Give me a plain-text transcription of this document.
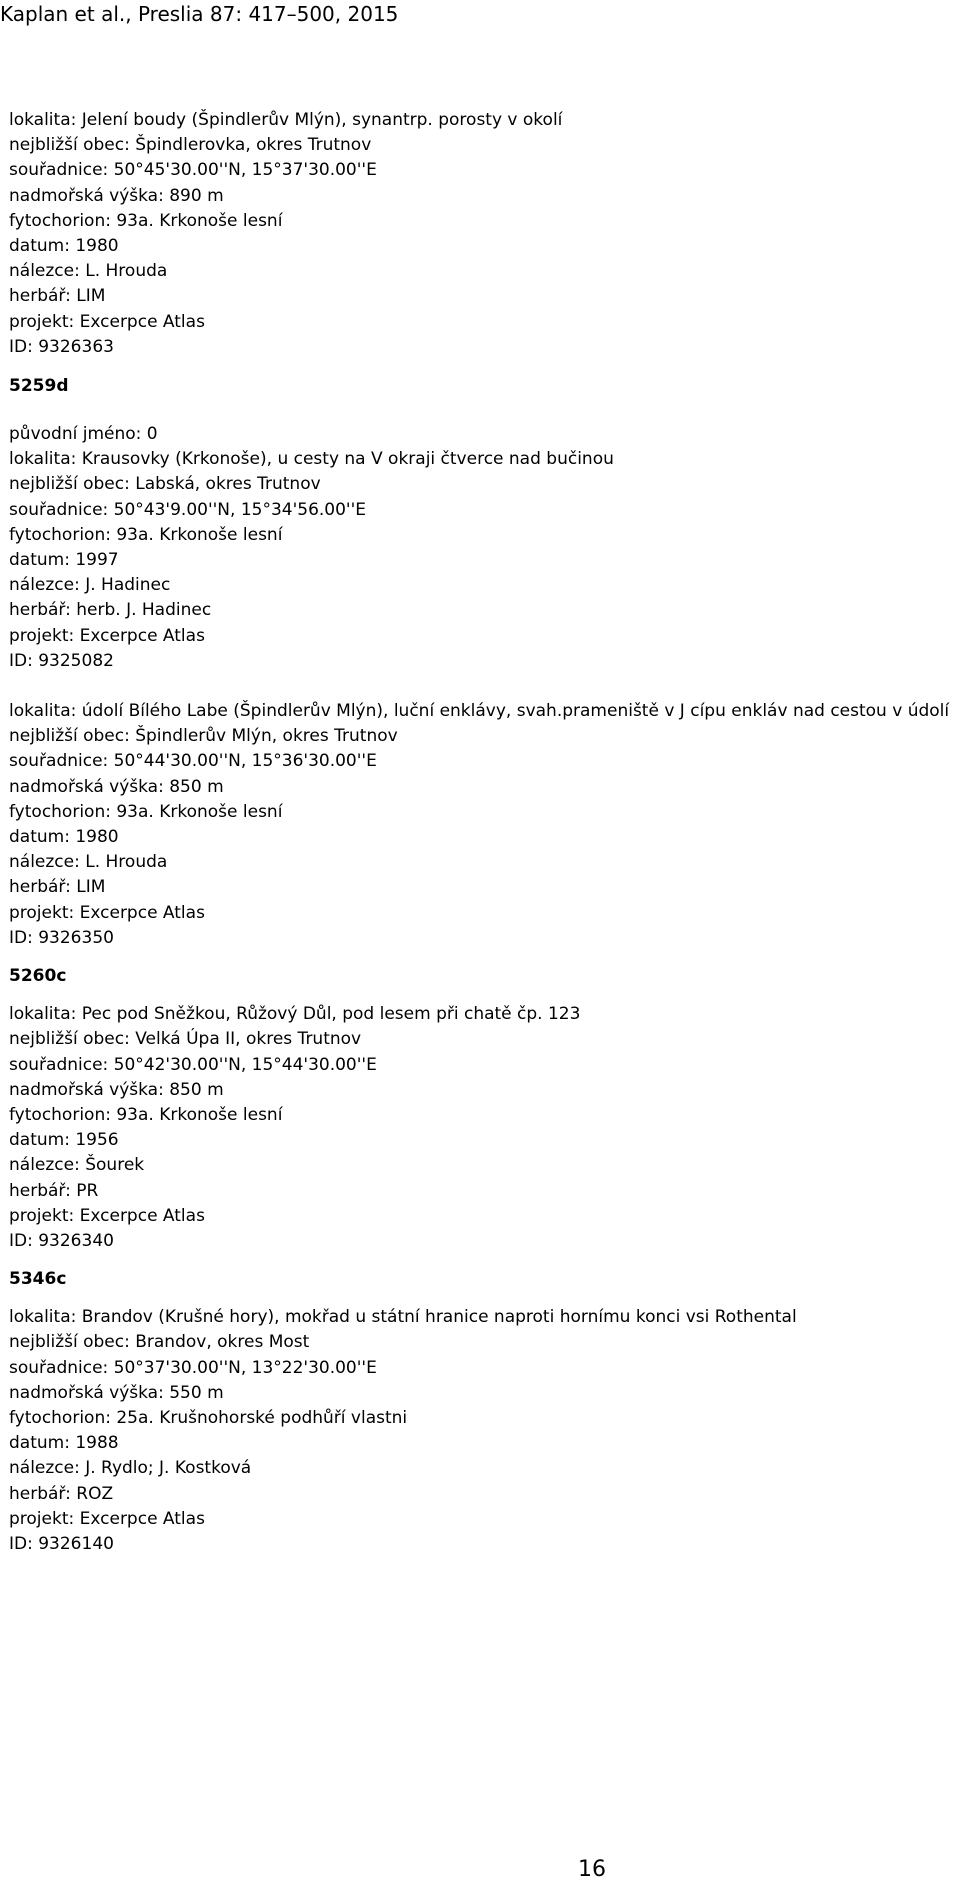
Kaplan et al., Preslia 87: 417–500, 2015
lokalita: Jelení boudy (Špindlerův Mlýn), synantrp. porosty v okolí
nejbližší obec: Špindlerovka, okres Trutnov
souřadnice: 50°45'30.00''N, 15°37'30.00''E
nadmořská výška: 890 m
fytochorion: 93a. Krkonoše lesní
datum: 1980
nálezce: L. Hrouda
herbář: LIM
projekt: Excerpce Atlas
ID: 9326363
5259d
původní jméno: 0
lokalita: Krausovky (Krkonoše), u cesty na V okraji čtverce nad bučinou
nejbližší obec: Labská, okres Trutnov
souřadnice: 50°43'9.00''N, 15°34'56.00''E
fytochorion: 93a. Krkonoše lesní
datum: 1997
nálezce: J. Hadinec
herbář: herb. J. Hadinec
projekt: Excerpce Atlas
ID: 9325082
lokalita: údolí Bílého Labe (Špindlerův Mlýn), luční enklávy, svah.prameniště v J cípu enkláv nad cestou v údolí
nejbližší obec: Špindlerův Mlýn, okres Trutnov
souřadnice: 50°44'30.00''N, 15°36'30.00''E
nadmořská výška: 850 m
fytochorion: 93a. Krkonoše lesní
datum: 1980
nálezce: L. Hrouda
herbář: LIM
projekt: Excerpce Atlas
ID: 9326350
5260c
lokalita: Pec pod Sněžkou, Růžový Důl, pod lesem při chatě čp. 123
nejbližší obec: Velká Úpa II, okres Trutnov
souřadnice: 50°42'30.00''N, 15°44'30.00''E
nadmořská výška: 850 m
fytochorion: 93a. Krkonoše lesní
datum: 1956
nálezce: Šourek
herbář: PR
projekt: Excerpce Atlas
ID: 9326340
5346c
lokalita: Brandov (Krušné hory), mokřad u státní hranice naproti hornímu konci vsi Rothental
nejbližší obec: Brandov, okres Most
souřadnice: 50°37'30.00''N, 13°22'30.00''E
nadmořská výška: 550 m
fytochorion: 25a. Krušnohorské podhůří vlastni
datum: 1988
nálezce: J. Rydlo; J. Kostková
herbář: ROZ
projekt: Excerpce Atlas
ID: 9326140
16
